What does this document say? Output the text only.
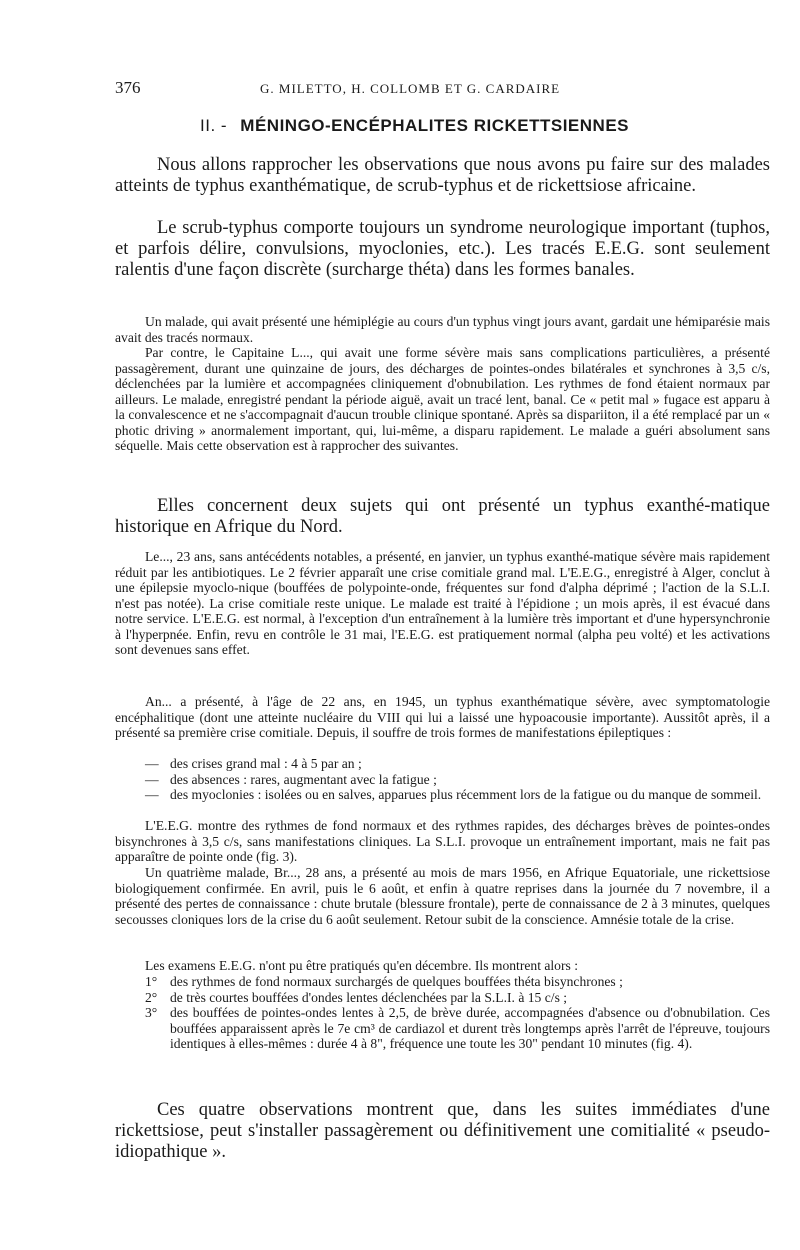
376	G. MILETTO, H. COLLOMB ET G. CARDAIRE
II. - MÉNINGO-ENCÉPHALITES RICKETTSIENNES

Nous allons rapprocher les observations que nous avons pu faire sur des malades atteints de typhus exanthématique, de scrub-typhus et de rickettsiose africaine.

Le scrub-typhus comporte toujours un syndrome neurologique important (tuphos, et parfois délire, convulsions, myoclonies, etc.). Les tracés E.E.G. sont seulement ralentis d'une façon discrète (surcharge théta) dans les formes banales.

Un malade, qui avait présenté une hémiplégie au cours d'un typhus vingt jours avant, gardait une hémiparésie mais avait des tracés normaux.

Par contre, le Capitaine L..., qui avait une forme sévère mais sans complications particulières, a présenté passagèrement, durant une quinzaine de jours, des décharges de pointes-ondes bilatérales et synchrones à 3,5 c/s, déclenchées par la lumière et accompagnées cliniquement d'obnubilation. Les rythmes de fond étaient normaux par ailleurs. Le malade, enregistré pendant la période aiguë, avait un tracé lent, banal. Ce « petit mal » fugace est apparu à la convalescence et ne s'accompagnait d'aucun trouble clinique spontané. Après sa dispariiton, il a été remplacé par un « photic driving » anormalement important, qui, lui-même, a disparu rapidement. Le malade a guéri absolument sans séquelle. Mais cette observation est à rapprocher des suivantes.

Elles concernent deux sujets qui ont présenté un typhus exanthé-matique historique en Afrique du Nord.

Le..., 23 ans, sans antécédents notables, a présenté, en janvier, un typhus exanthé-matique sévère mais rapidement réduit par les antibiotiques. Le 2 février apparaît une crise comitiale grand mal. L'E.E.G., enregistré à Alger, conclut à une épilepsie myoclo-nique (bouffées de polypointe-onde, fréquentes sur fond d'alpha déprimé ; l'action de la S.L.I. n'est pas notée). La crise comitiale reste unique. Le malade est traité à l'épidione ; un mois après, il est évacué dans notre service. L'E.E.G. est normal, à l'exception d'un entraînement à la lumière très important et d'une hypersynchronie à l'hyperpnée. Enfin, revu en contrôle le 31 mai, l'E.E.G. est pratiquement normal (alpha peu volté) et les activations sont devenues sans effet.

An... a présenté, à l'âge de 22 ans, en 1945, un typhus exanthématique sévère, avec symptomatologie encéphalitique (dont une atteinte nucléaire du VIII qui lui a laissé une hypoacousie importante). Aussitôt après, il a présenté sa première crise comitiale. Depuis, il souffre de trois formes de manifestations épileptiques :

— des crises grand mal : 4 à 5 par an ;
— des absences : rares, augmentant avec la fatigue ;
— des myoclonies : isolées ou en salves, apparues plus récemment lors de la fatigue ou du manque de sommeil.

L'E.E.G. montre des rythmes de fond normaux et des rythmes rapides, des décharges brèves de pointes-ondes bisynchrones à 3,5 c/s, sans manifestations cliniques. La S.L.I. provoque un entraînement important, mais ne fait pas apparaître de pointe onde (fig. 3).

Un quatrième malade, Br..., 28 ans, a présenté au mois de mars 1956, en Afrique Equatoriale, une rickettsiose biologiquement confirmée. En avril, puis le 6 août, et enfin à quatre reprises dans la journée du 7 novembre, il a présenté des pertes de connaissance : chute brutale (blessure frontale), perte de connaissance de 2 à 3 minutes, quelques secousses cloniques lors de la crise du 6 août seulement. Retour subit de la conscience. Amnésie totale de la crise.

Les examens E.E.G. n'ont pu être pratiqués qu'en décembre. Ils montrent alors :

1° des rythmes de fond normaux surchargés de quelques bouffées théta bisynchrones ;
2° de très courtes bouffées d'ondes lentes déclenchées par la S.L.I. à 15 c/s ;
3° des bouffées de pointes-ondes lentes à 2,5, de brève durée, accompagnées d'absence ou d'obnubilation. Ces bouffées apparaissent après le 7e cm³ de cardiazol et durent très longtemps après l'arrêt de l'épreuve, toujours identiques à elles-mêmes : durée 4 à 8", fréquence une toute les 30" pendant 10 minutes (fig. 4).

Ces quatre observations montrent que, dans les suites immédiates d'une rickettsiose, peut s'installer passagèrement ou définitivement une comitialité « pseudo-idiopathique ».
